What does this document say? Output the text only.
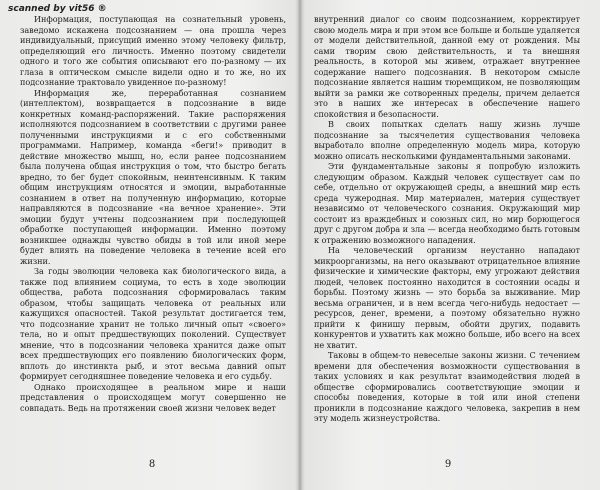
scanned by vit56 ®

Информация, поступающая на сознательный уровень, заведомо искажена подсознанием — она прошла через индивидуальный, присущий именно этому человеку фильтр, определяющий его личность. Именно поэтому свидетели одного и того же события описывают его по-разному — их глаза в оптическом смысле видели одно и то же, но их подсознание трактовало увиденное по-разному!

Информация же, переработанная сознанием (интеллектом), возвращается в подсознание в виде конкретных команд-распоряжений. Такие распоряжения исполняются подсознанием в соответствии с другими ранее полученными инструкциями и с его собственными программами. Например, команда «беги!» приводит в действие множество мышц, но, если ранее подсознанием была получена общая инструкция о том, что быстро бегать вредно, то бег будет спокойным, неинтенсивным. К таким общим инструкциям относятся и эмоции, выработанные сознанием в ответ на полученную информацию, которые направляются в подсознание «на вечное хранение». Эти эмоции будут учтены подсознанием при последующей обработке поступающей информации. Именно поэтому возникшее однажды чувство обиды в той или иной мере будет влиять на поведение человека в течение всей его жизни.

За годы эволюции человека как биологического вида, а также под влиянием социума, то есть в ходе эволюции общества, работа подсознания сформировалась таким образом, чтобы защищать человека от реальных или кажущихся опасностей. Такой результат достигается тем, что подсознание хранит не только личный опыт «своего» тела, но и опыт предшествующих поколений. Существует мнение, что в подсознании человека хранится даже опыт всех предшествующих его появлению биологических форм, вплоть до инстинкта рыб, и этот весьма давний опыт формирует сегодняшнее поведение человека и его судьбу.

Однако происходящее в реальном мире и наши представления о происходящем могут совершенно не совпадать. Ведь на протяжении своей жизни человек ведет

8

внутренний диалог со своим подсознанием, корректирует свою модель мира и при этом все больше и больше удаляется от модели действительной, данной ему от рождения. Мы сами творим свою действительность, и та внешняя реальность, в которой мы живем, отражает внутреннее содержание нашего подсознания. В некотором смысле подсознание является нашим тюремщиком, не позволяющим выйти за рамки же сотворенных пределы, причем делается это в наших же интересах в обеспечение нашего спокойствия и безопасности.

В своих попытках сделать нашу жизнь лучше подсознание за тысячелетия существования человека выработало вполне определенную модель мира, которую можно описать несколькими фундаментальными законами.

Эти фундаментальные законы я попробую изложить следующим образом. Каждый человек существует сам по себе, отдельно от окружающей среды, а внешний мир есть среда чужеродная. Мир материален, материя существует независимо от человеческого сознания. Окружающий мир состоит из враждебных и союзных сил, но мир борющегося друг с другом добра и зла — всегда необходимо быть готовым к отражению возможного нападения.

На человеческий организм неустанно нападают микроорганизмы, на него оказывают отрицательное влияние физические и химические факторы, ему угрожают действия людей, человек постоянно находится в состоянии осады и борьбы. Поэтому жизнь — это борьба за выживание. Мир весьма ограничен, и в нем всегда чего-нибудь недостает — ресурсов, денег, времени, а поэтому обязательно нужно прийти к финишу первым, обойти других, подавить конкурентов и ухватить как можно больше, ибо всего на всех не хватит.

Таковы в общем-то невеселые законы жизни. С течением времени для обеспечения возможности существования в таких условиях и как результат взаимодействия людей в обществе сформировались соответствующие эмоции и способы поведения, которые в той или иной степени проникли в подсознание каждого человека, закрепив в нем эту модель жизнеустройства.

9
